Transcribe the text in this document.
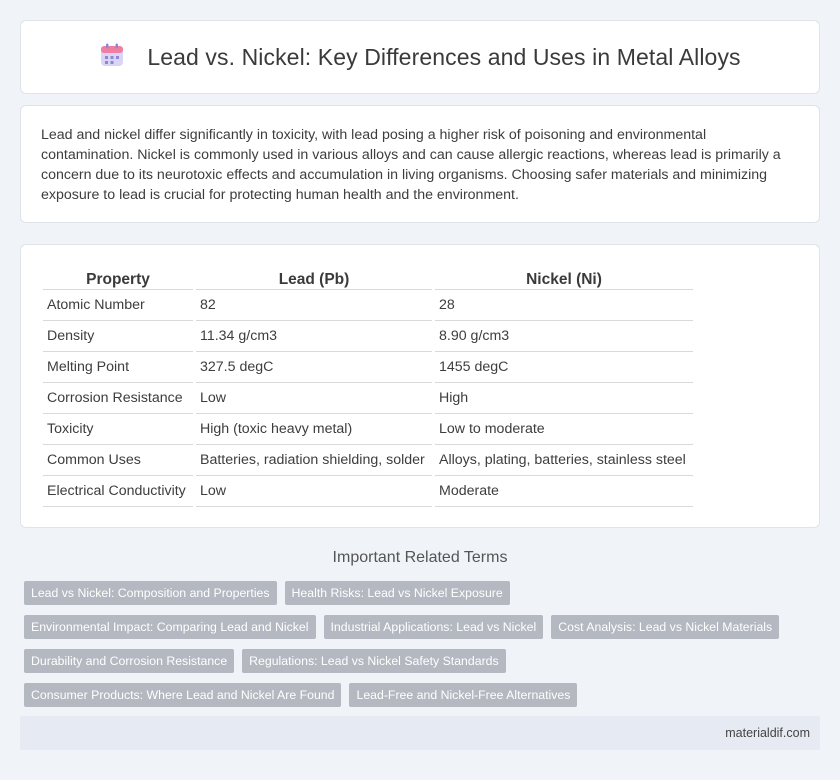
Lead vs. Nickel: Key Differences and Uses in Metal Alloys

Lead and nickel differ significantly in toxicity, with lead posing a higher risk of poisoning and environmental contamination. Nickel is commonly used in various alloys and can cause allergic reactions, whereas lead is primarily a concern due to its neurotoxic effects and accumulation in living organisms. Choosing safer materials and minimizing exposure to lead is crucial for protecting human health and the environment.

Property	Lead (Pb)	Nickel (Ni)
Atomic Number	82	28
Density	11.34 g/cm3	8.90 g/cm3
Melting Point	327.5 degC	1455 degC
Corrosion Resistance	Low	High
Toxicity	High (toxic heavy metal)	Low to moderate
Common Uses	Batteries, radiation shielding, solder	Alloys, plating, batteries, stainless steel
Electrical Conductivity	Low	Moderate
Important Related Terms
Lead vs Nickel: Composition and Properties	Health Risks: Lead vs Nickel Exposure
Environmental Impact: Comparing Lead and Nickel	Industrial Applications: Lead vs Nickel	Cost Analysis: Lead vs Nickel Materials
Durability and Corrosion Resistance	Regulations: Lead vs Nickel Safety Standards
Consumer Products: Where Lead and Nickel Are Found	Lead-Free and Nickel-Free Alternatives
materialdif.com
